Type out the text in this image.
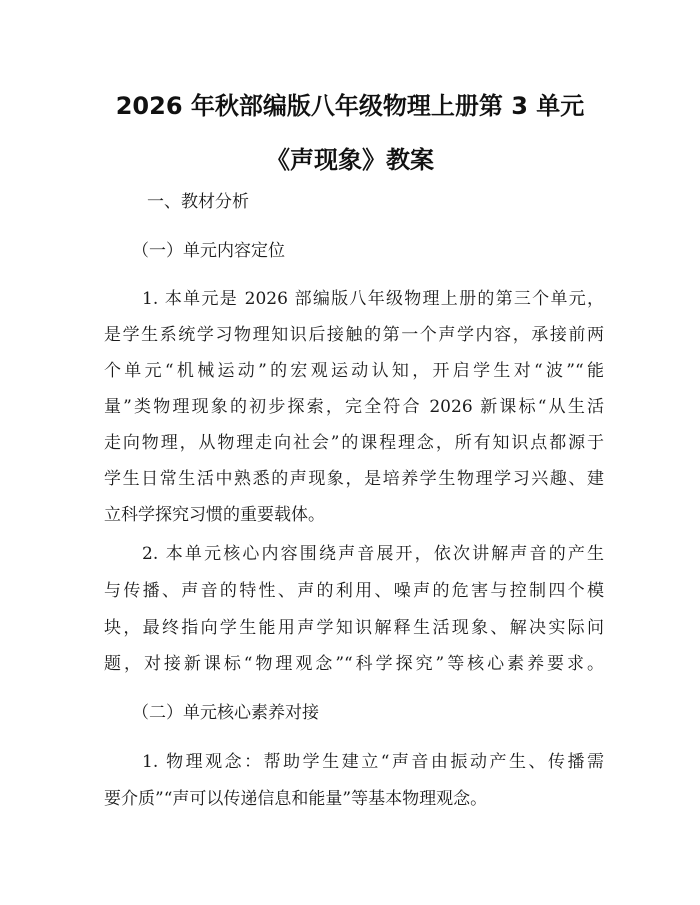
2026 年秋部编版八年级物理上册第 3 单元
《声现象》教案
一、教材分析
（一）单元内容定位
1. 本单元是 2026 部编版八年级物理上册的第三个单元，
是学生系统学习物理知识后接触的第一个声学内容，承接前两
个单元“机械运动”的宏观运动认知，开启学生对“波”“能
量”类物理现象的初步探索，完全符合 2026 新课标“从生活
走向物理，从物理走向社会”的课程理念，所有知识点都源于
学生日常生活中熟悉的声现象，是培养学生物理学习兴趣、建
立科学探究习惯的重要载体。
2. 本单元核心内容围绕声音展开，依次讲解声音的产生
与传播、声音的特性、声的利用、噪声的危害与控制四个模
块，最终指向学生能用声学知识解释生活现象、解决实际问
题，对接新课标“物理观念”“科学探究”等核心素养要求。
（二）单元核心素养对接
1. 物理观念：帮助学生建立“声音由振动产生、传播需
要介质”“声可以传递信息和能量”等基本物理观念。
